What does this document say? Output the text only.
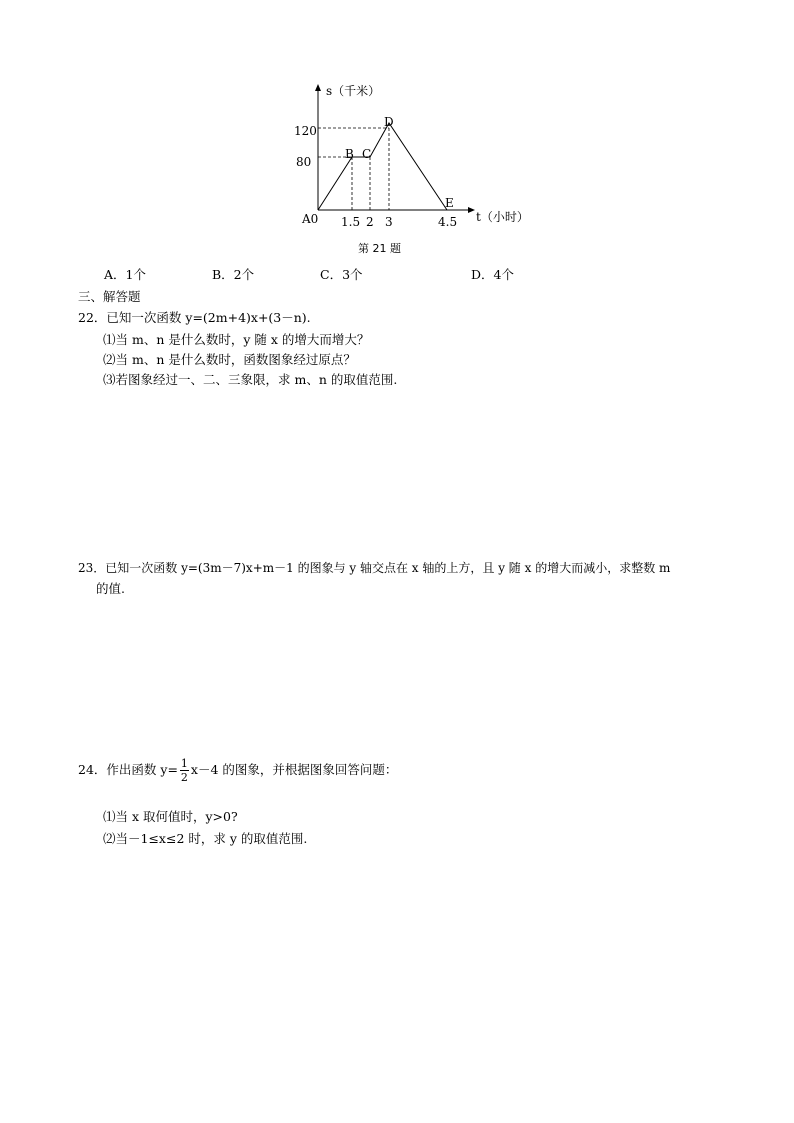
s（千米）
t（小时）
A0
120
80
1.5 2 3	4.5
B C
D
E
第 21 题
A．1个	B．2个	C．3个	D．4个
三、解答题
22．已知一次函数 y=(2m+4)x+(3－n).
⑴当 m、n 是什么数时，y 随 x 的增大而增大？
⑵当 m、n 是什么数时，函数图象经过原点？
⑶若图象经过一、二、三象限，求 m、n 的取值范围.
23．已知一次函数 y=(3m－7)x+m－1 的图象与 y 轴交点在 x 轴的上方，且 y 随 x 的增大而减小，求整数 m
的值.
24．作出函数 $y= \frac{1}{2} x-4$ 的图象，并根据图象回答问题：
⑴当 x 取何值时，y>0?
⑵当－1≤x≤2 时，求 y 的取值范围.
